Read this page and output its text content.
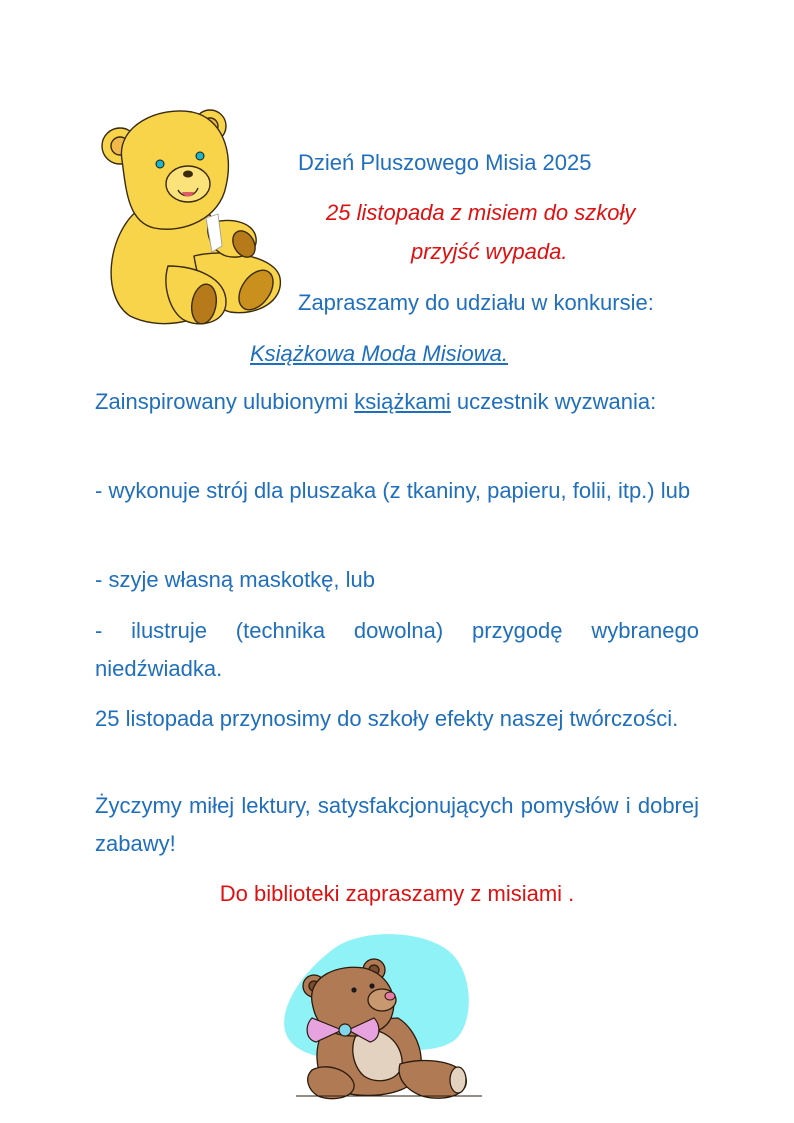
Dzień Pluszowego Misia 2025
25 listopada z misiem do szkoły
przyjść wypada.
Zapraszamy do udziału w konkursie:
Książkowa Moda Misiowa.
Zainspirowany ulubionymi książkami uczestnik wyzwania:
- wykonuje strój dla pluszaka (z tkaniny, papieru, folii, itp.) lub
- szyje własną maskotkę, lub
- ilustruje (technika dowolna) przygodę wybranego niedźwiadka.
25 listopada przynosimy do szkoły efekty naszej twórczości.
Życzymy miłej lektury, satysfakcjonujących pomysłów i dobrej zabawy!
Do biblioteki zapraszamy z misiami .
